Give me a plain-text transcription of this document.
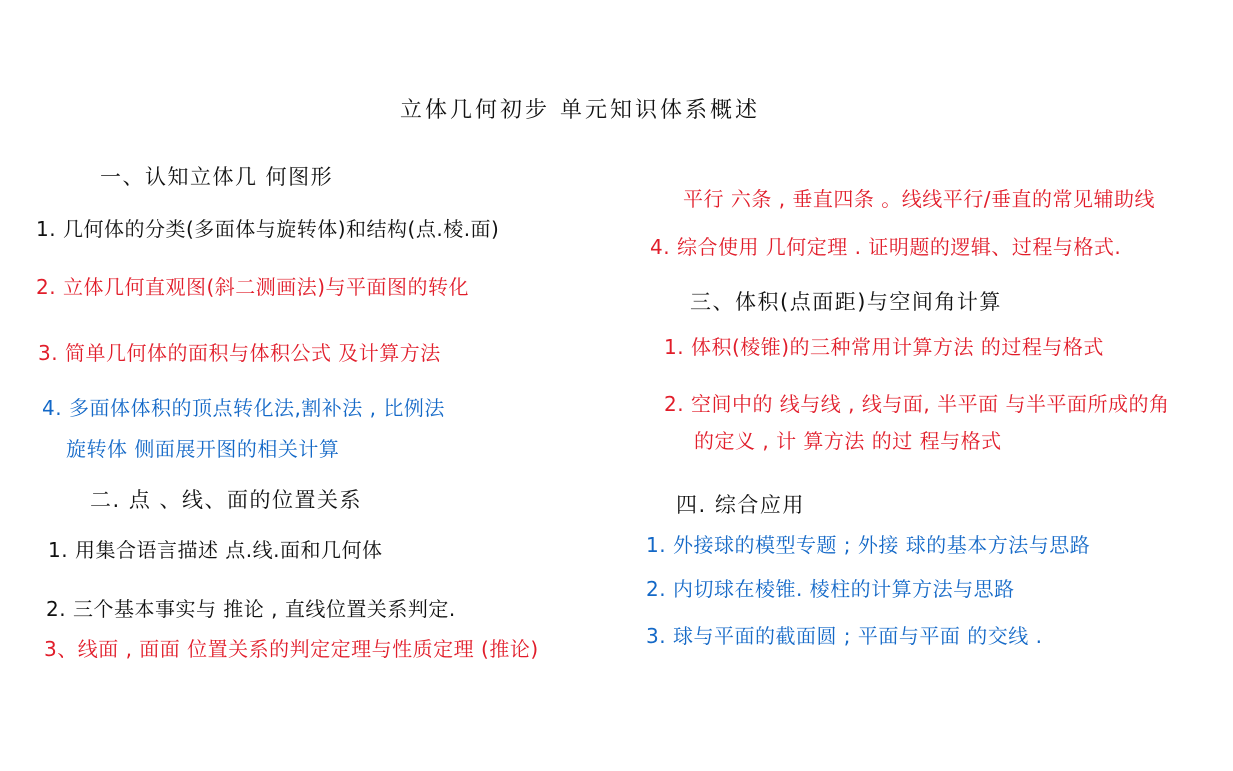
立体几何初步 单元知识体系概述
一、认知立体几 何图形
1. 几何体的分类(多面体与旋转体)和结构(点.棱.面)
2. 立体几何直观图(斜二测画法)与平面图的转化
3. 简单几何体的面积与体积公式 及计算方法
4. 多面体体积的顶点转化法,割补法 , 比例法
旋转体 侧面展开图的相关计算
二. 点 、线、面的位置关系
1. 用集合语言描述 点.线.面和几何体
2. 三个基本事实与 推论 , 直线位置关系判定.
3、线面 , 面面 位置关系的判定定理与性质定理 (推论)
平行 六条 , 垂直四条 。线线平行/垂直的常见辅助线
4. 综合使用 几何定理 . 证明题的逻辑、过程与格式.
三、体积(点面距)与空间角计算
1. 体积(棱锥)的三种常用计算方法 的过程与格式
2. 空间中的 线与线 , 线与面, 半平面 与半平面所成的角
的定义 , 计 算方法 的过 程与格式
四. 综合应用
1. 外接球的模型专题 ; 外接 球的基本方法与思路
2. 内切球在棱锥. 棱柱的计算方法与思路
3. 球与平面的截面圆 ; 平面与平面 的交线 .
